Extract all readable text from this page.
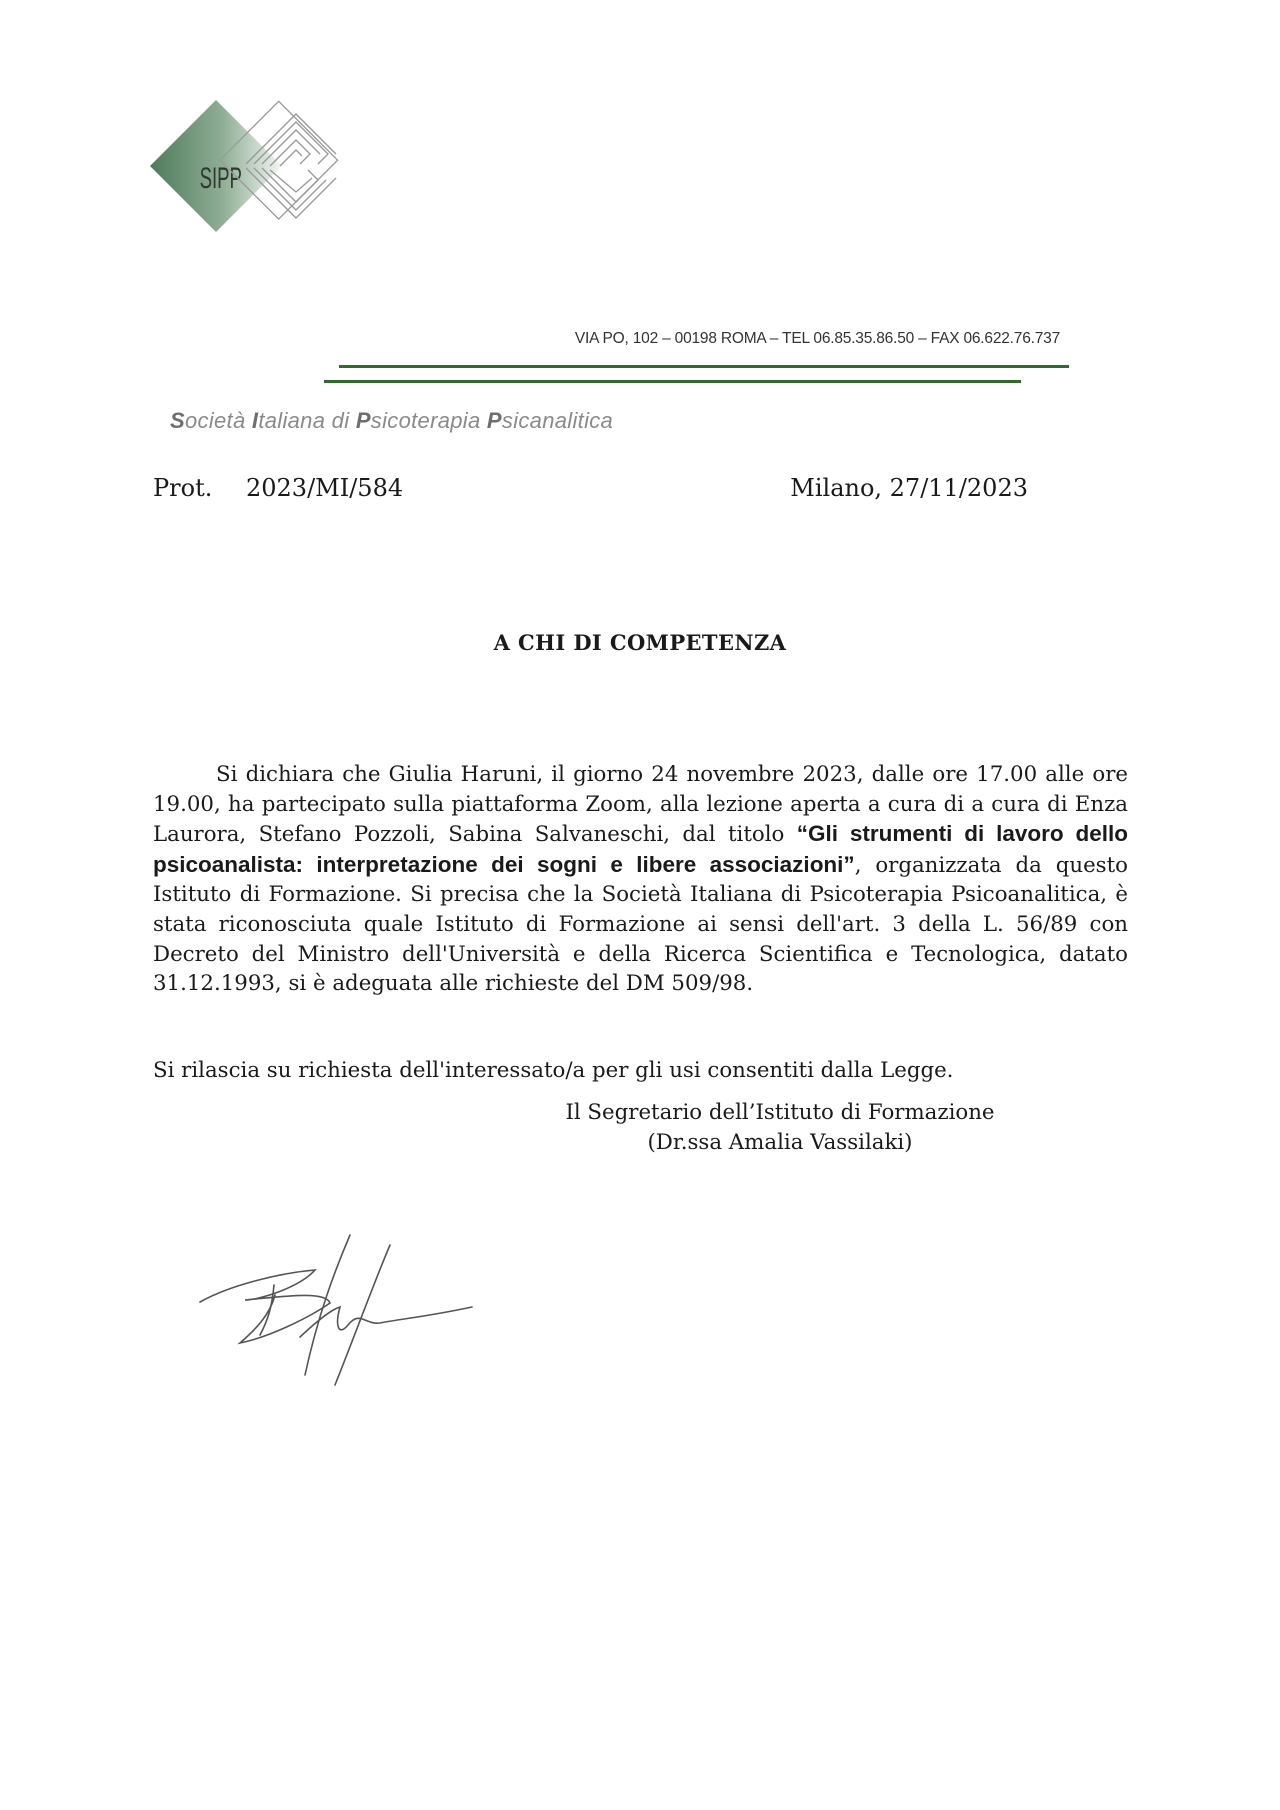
SIPP
VIA PO, 102 – 00198 ROMA – TEL 06.85.35.86.50 – FAX 06.622.76.737
Società Italiana di Psicoterapia Psicanalitica
Prot. 2023/MI/584	Milano, 27/11/2023
A CHI DI COMPETENZA

Si dichiara che Giulia Haruni, il giorno 24 novembre 2023, dalle ore 17.00 alle ore 19.00, ha partecipato sulla piattaforma Zoom, alla lezione aperta a cura di a cura di Enza Laurora, Stefano Pozzoli, Sabina Salvaneschi, dal titolo “Gli strumenti di lavoro dello psicoanalista: interpretazione dei sogni e libere associazioni”, organizzata da questo Istituto di Formazione. Si precisa che la Società Italiana di Psicoterapia Psicoanalitica, è stata riconosciuta quale Istituto di Formazione ai sensi dell'art. 3 della L. 56/89 con Decreto del Ministro dell'Università e della Ricerca Scientifica e Tecnologica, datato 31.12.1993, si è adeguata alle richieste del DM 509/98.

Si rilascia su richiesta dell'interessato/a per gli usi consentiti dalla Legge.
Il Segretario dell’Istituto di Formazione
(Dr.ssa Amalia Vassilaki)
